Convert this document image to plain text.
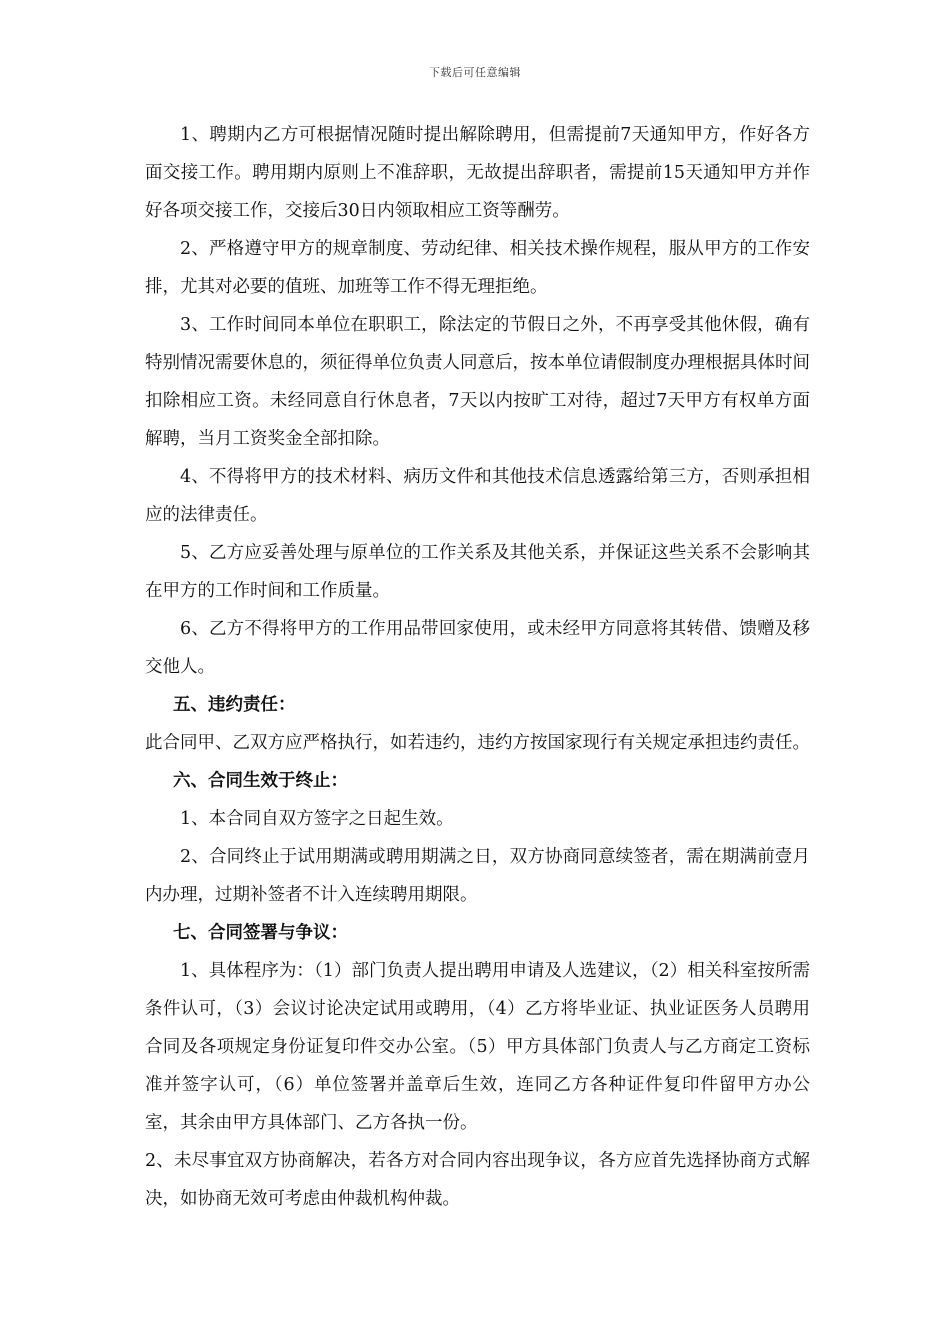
下载后可任意编辑

1、聘期内乙方可根据情况随时提出解除聘用，但需提前7天通知甲方，作好各方面交接工作。聘用期内原则上不准辞职，无故提出辞职者，需提前15天通知甲方并作好各项交接工作，交接后30日内领取相应工资等酬劳。

2、严格遵守甲方的规章制度、劳动纪律、相关技术操作规程，服从甲方的工作安排，尤其对必要的值班、加班等工作不得无理拒绝。

3、工作时间同本单位在职职工，除法定的节假日之外，不再享受其他休假，确有特别情况需要休息的，须征得单位负责人同意后，按本单位请假制度办理根据具体时间扣除相应工资。未经同意自行休息者，7天以内按旷工对待，超过7天甲方有权单方面解聘，当月工资奖金全部扣除。

4、不得将甲方的技术材料、病历文件和其他技术信息透露给第三方，否则承担相应的法律责任。

5、乙方应妥善处理与原单位的工作关系及其他关系，并保证这些关系不会影响其在甲方的工作时间和工作质量。

6、乙方不得将甲方的工作用品带回家使用，或未经甲方同意将其转借、馈赠及移交他人。

五、违约责任：

此合同甲、乙双方应严格执行，如若违约，违约方按国家现行有关规定承担违约责任。

六、合同生效于终止：

1、本合同自双方签字之日起生效。

2、合同终止于试用期满或聘用期满之日，双方协商同意续签者，需在期满前壹月内办理，过期补签者不计入连续聘用期限。

七、合同签署与争议：

1、具体程序为：（1）部门负责人提出聘用申请及人选建议，（2）相关科室按所需条件认可，（3）会议讨论决定试用或聘用，（4）乙方将毕业证、执业证医务人员聘用合同及各项规定身份证复印件交办公室。（5）甲方具体部门负责人与乙方商定工资标准并签字认可，（6）单位签署并盖章后生效，连同乙方各种证件复印件留甲方办公室，其余由甲方具体部门、乙方各执一份。

2、未尽事宜双方协商解决，若各方对合同内容出现争议，各方应首先选择协商方式解决，如协商无效可考虑由仲裁机构仲裁。
